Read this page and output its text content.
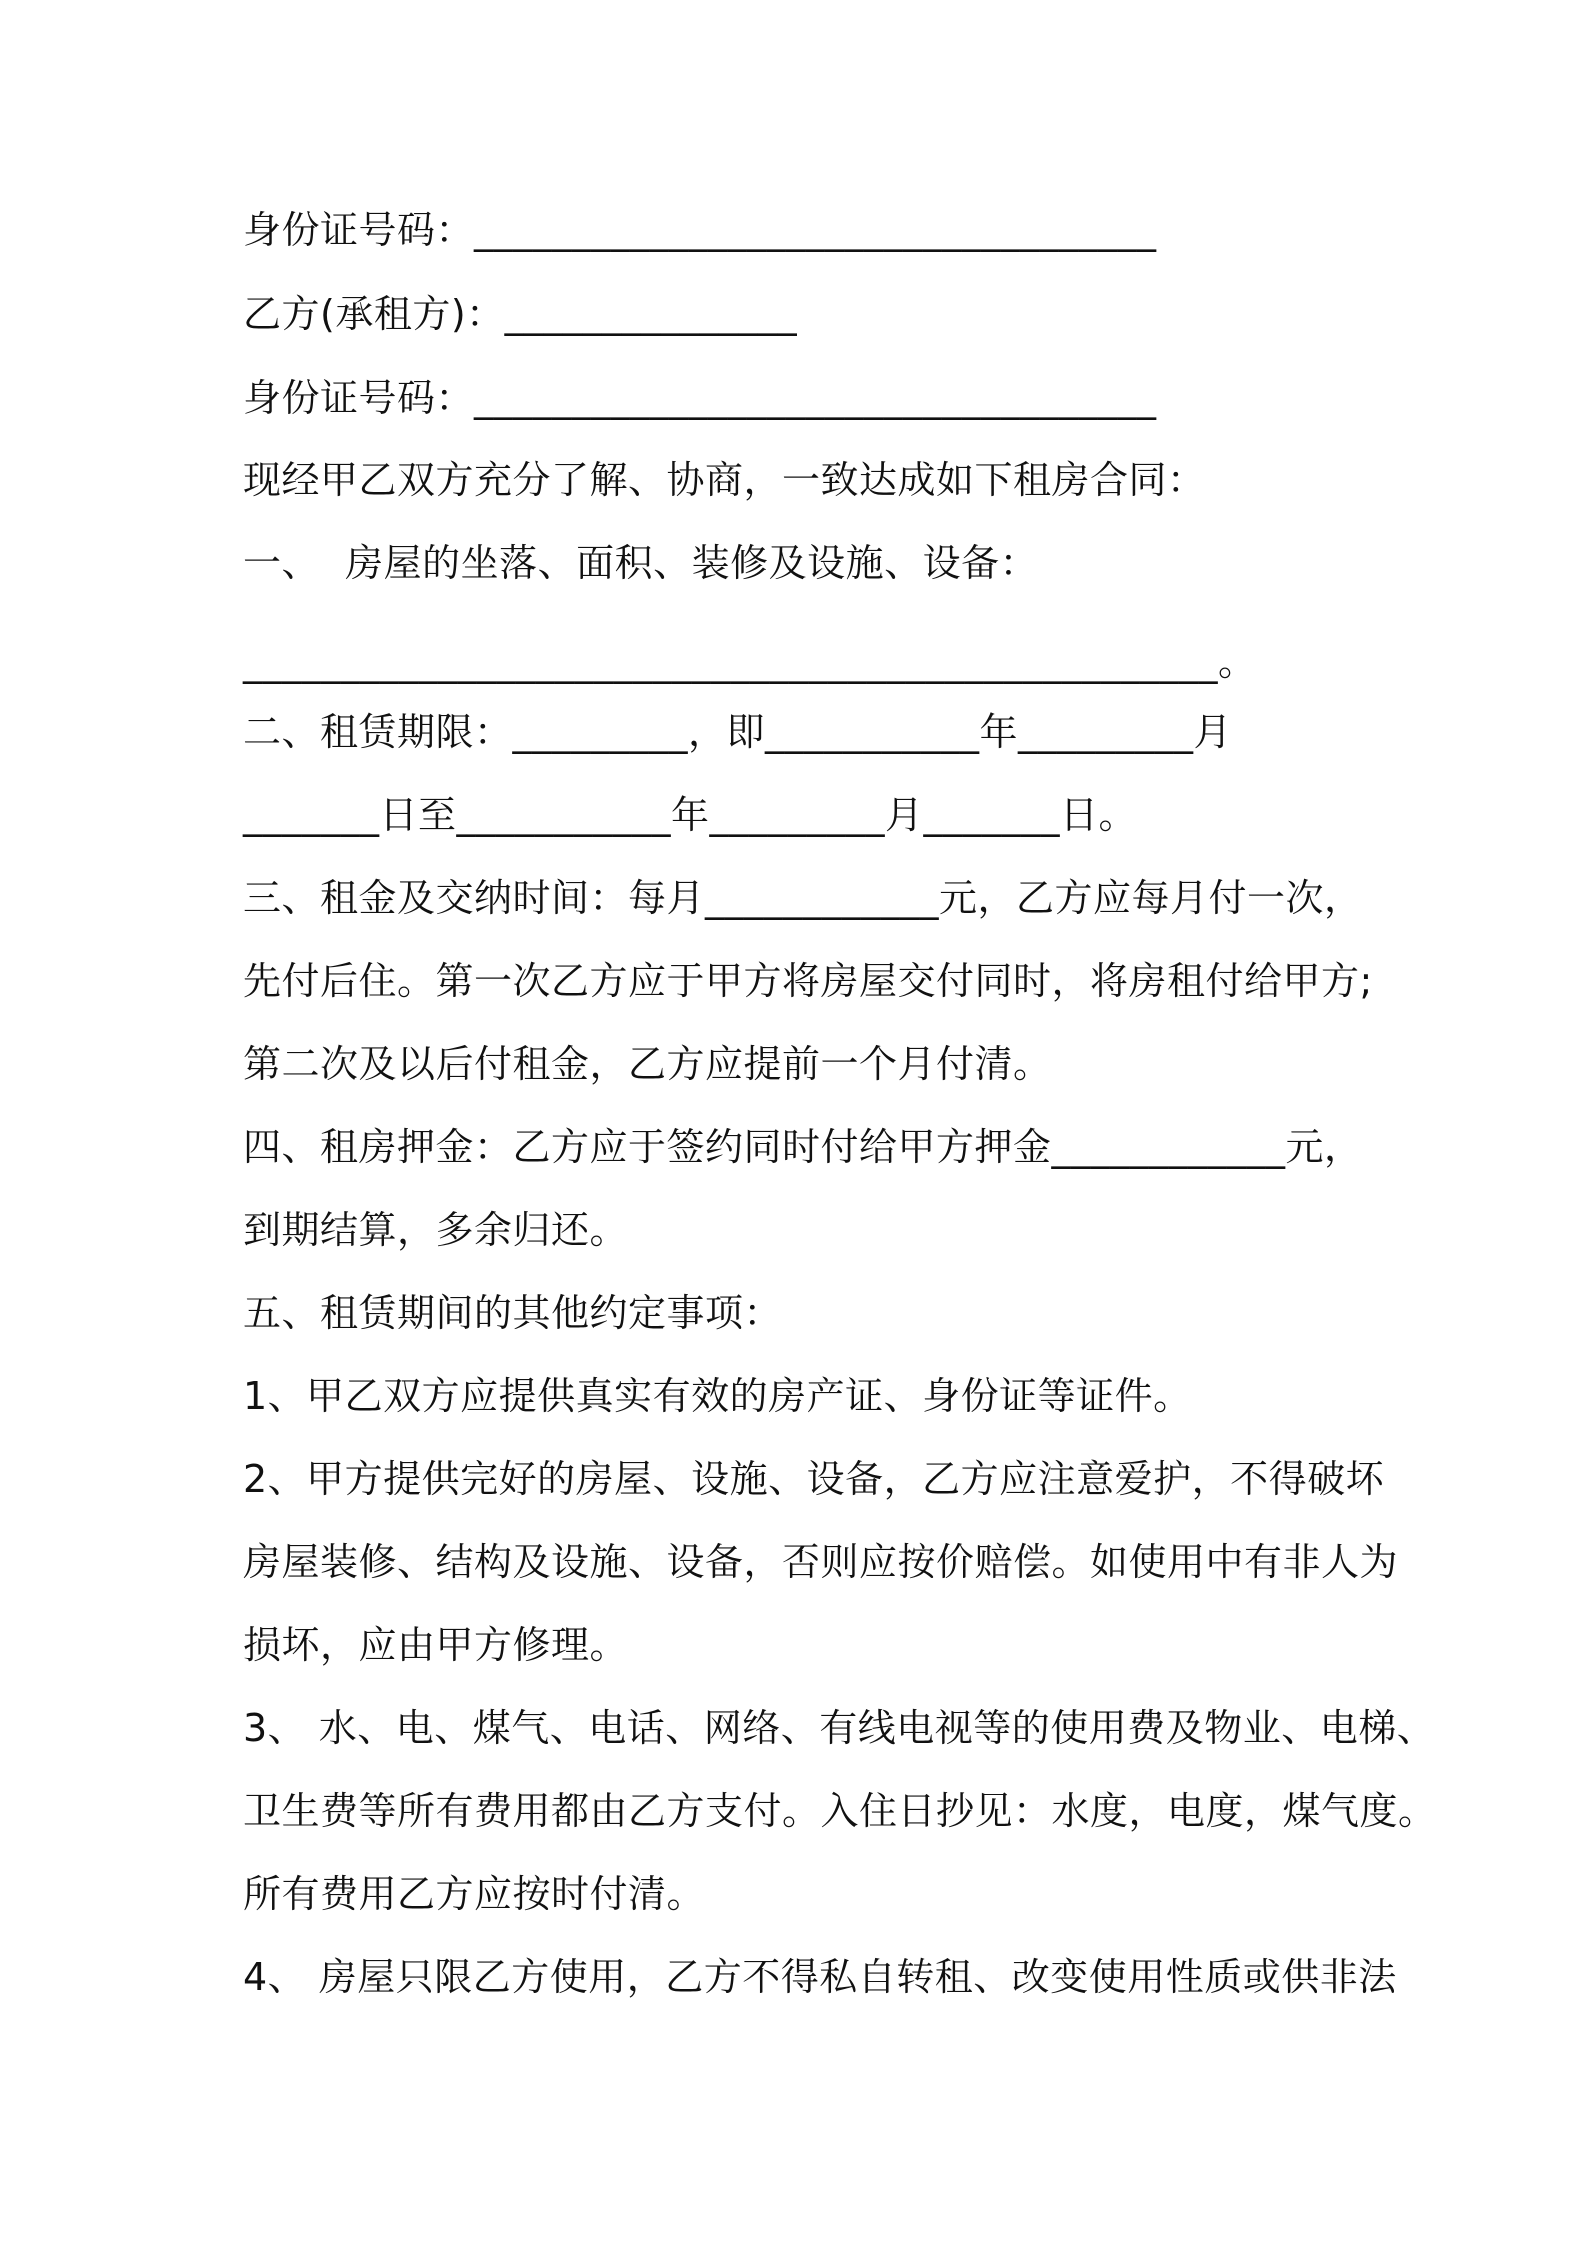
身份证号码：___________________________________
乙方(承租方)：_______________
身份证号码：___________________________________
现经甲乙双方充分了解、协商，一致达成如下租房合同：
一、  房屋的坐落、面积、装修及设施、设备：
__________________________________________________。
二、租赁期限：_________，即___________年_________月
_______日至___________年_________月_______日。
三、租金及交纳时间：每月____________元，乙方应每月付一次，
先付后住。第一次乙方应于甲方将房屋交付同时，将房租付给甲方;
第二次及以后付租金，乙方应提前一个月付清。
四、租房押金：乙方应于签约同时付给甲方押金____________元，
到期结算，多余归还。
五、租赁期间的其他约定事项：
1、甲乙双方应提供真实有效的房产证、身份证等证件。
2、甲方提供完好的房屋、设施、设备，乙方应注意爱护，不得破坏
房屋装修、结构及设施、设备，否则应按价赔偿。如使用中有非人为
损坏，应由甲方修理。
3、 水、电、煤气、电话、网络、有线电视等的使用费及物业、电梯、
卫生费等所有费用都由乙方支付。入住日抄见：水度，电度，煤气度。
所有费用乙方应按时付清。
4、 房屋只限乙方使用，乙方不得私自转租、改变使用性质或供非法
